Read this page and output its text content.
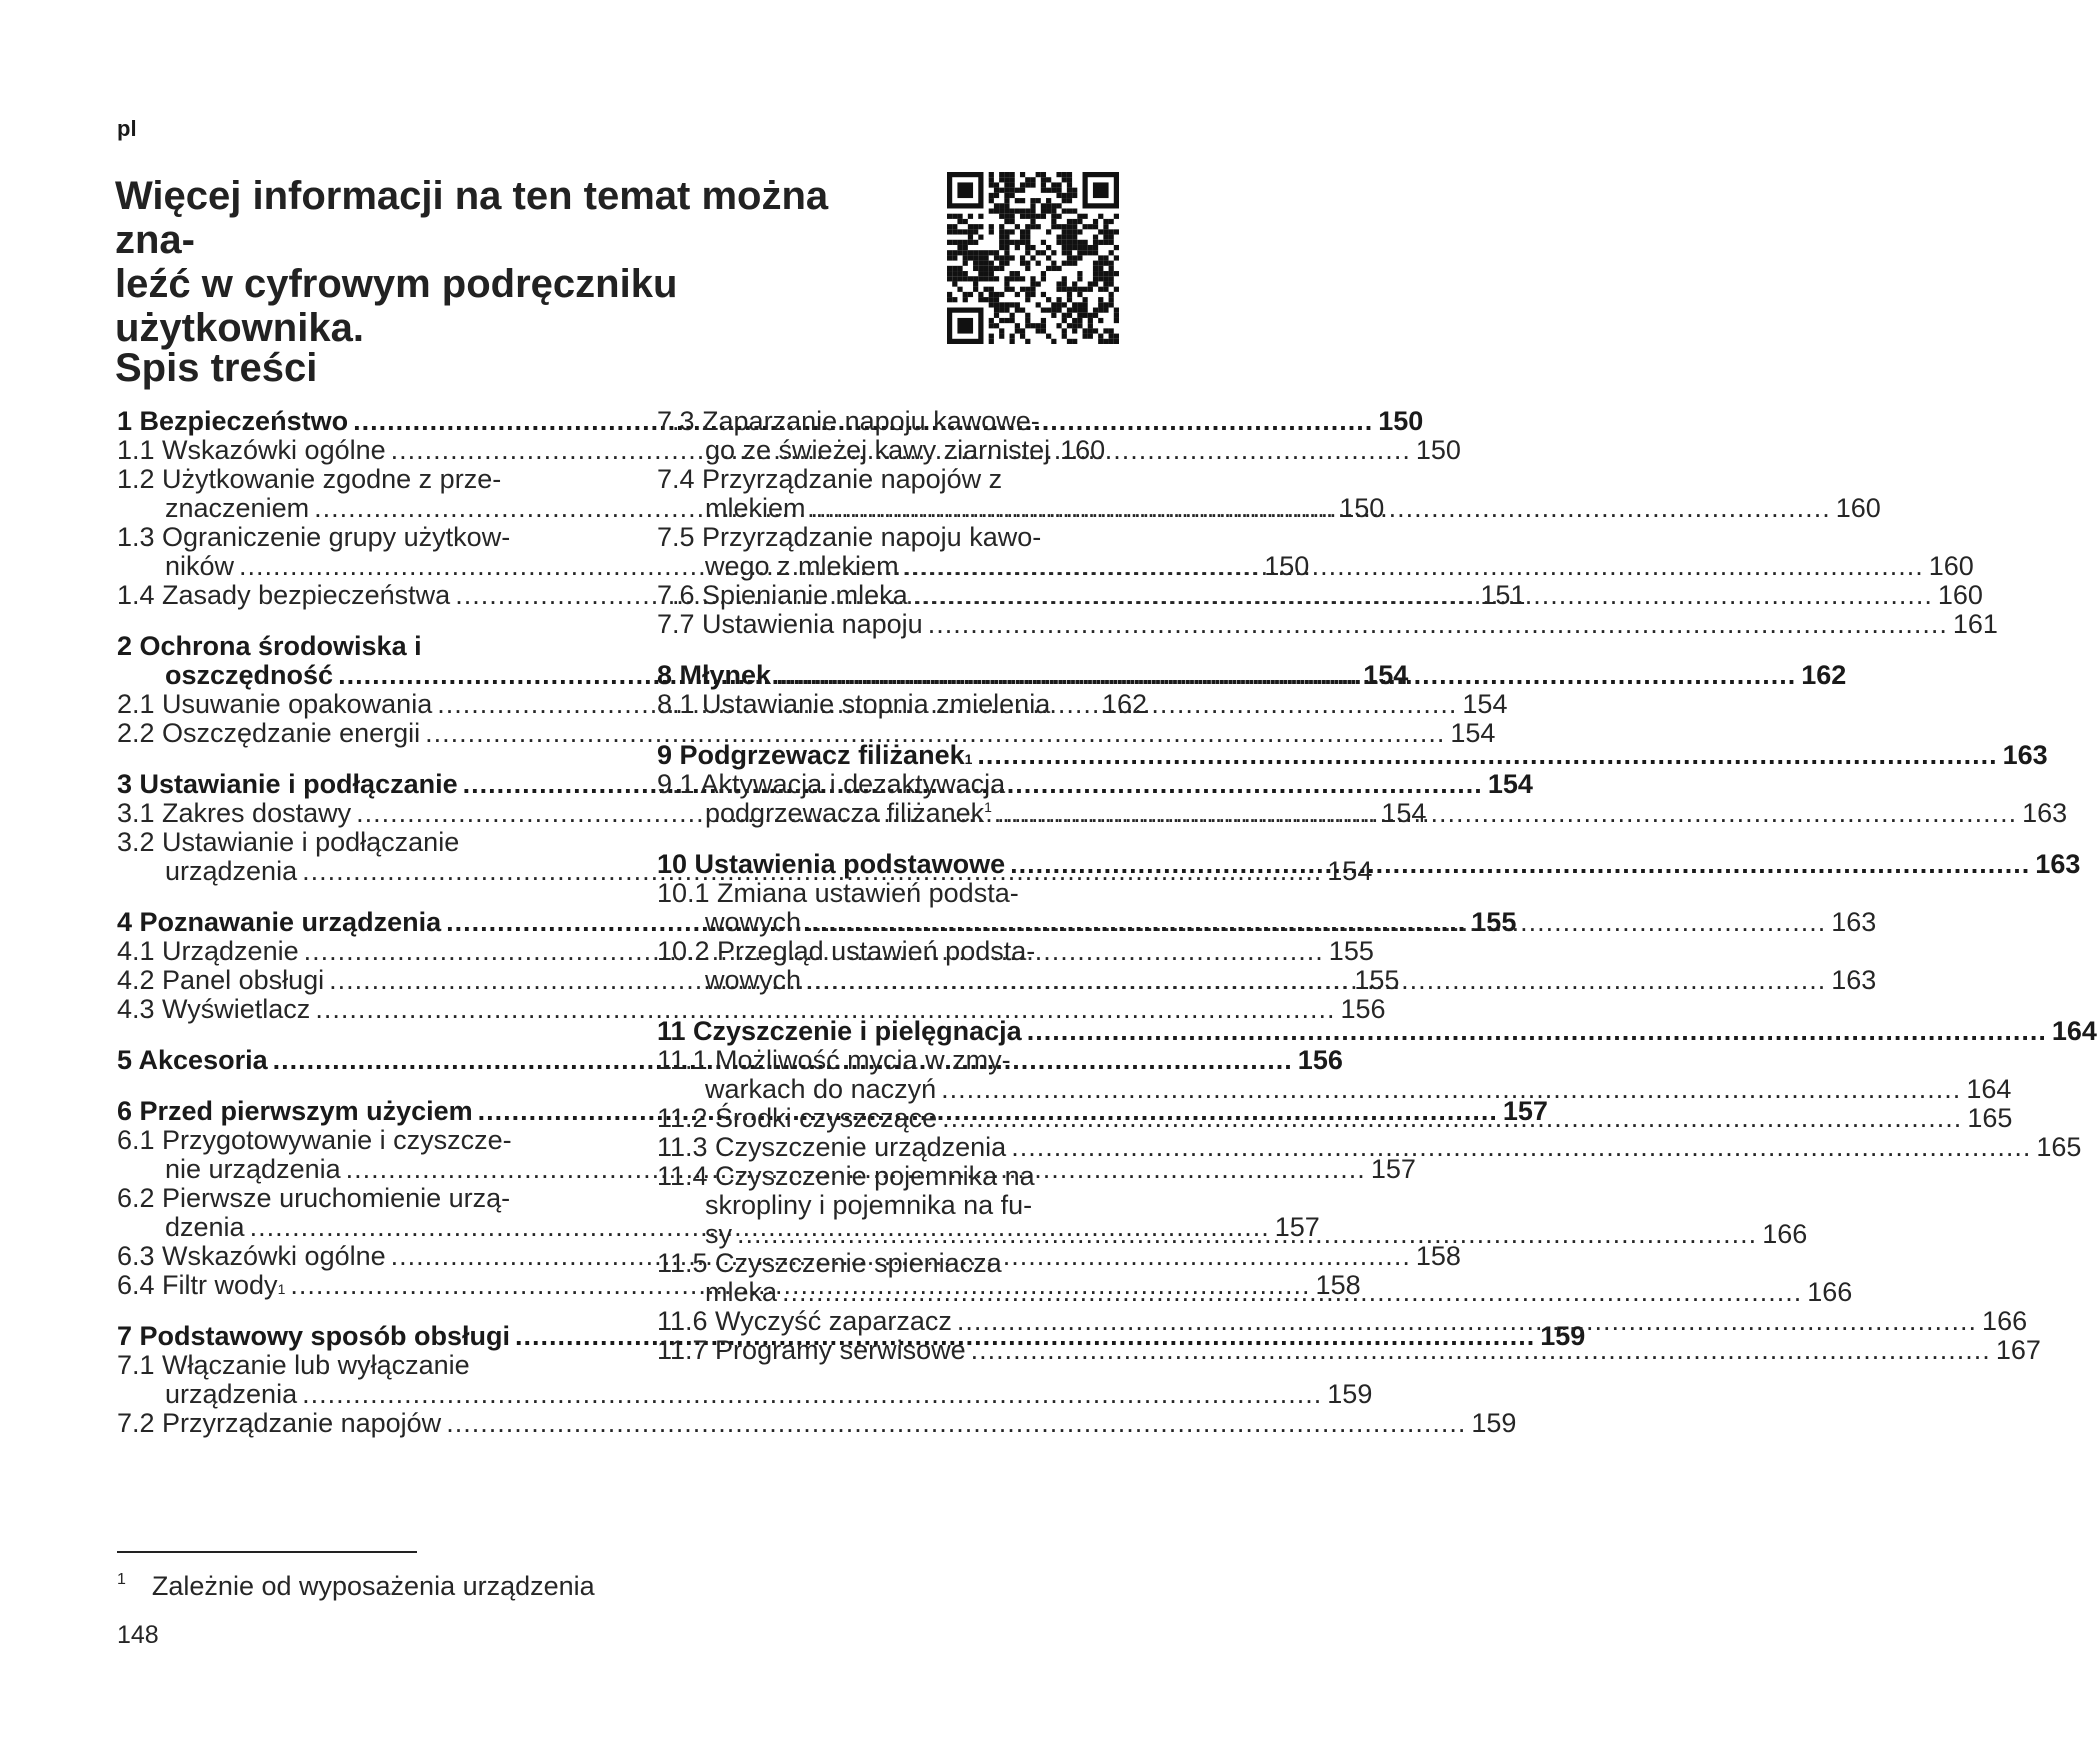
pl
Więcej informacji na ten temat można zna-
leźć w cyfrowym podręczniku użytkownika.
Spis treści
1 Bezpieczeństwo .....	150
1.1 Wskazówki ogólne .....	150
1.2 Użytkowanie zgodne z prze-
znaczeniem .....	150
1.3 Ograniczenie grupy użytkow-
ników .....	150
1.4 Zasady bezpieczeństwa .....	151
2 Ochrona środowiska i
oszczędność .....	154
2.1 Usuwanie opakowania .....	154
2.2 Oszczędzanie energii .....	154
3 Ustawianie i podłączanie .....	154
3.1 Zakres dostawy .....	154
3.2 Ustawianie i podłączanie
urządzenia .....	154
4 Poznawanie urządzenia .....	155
4.1 Urządzenie .....	155
4.2 Panel obsługi .....	155
4.3 Wyświetlacz .....	156
5 Akcesoria .....	156
6 Przed pierwszym użyciem .....	157
6.1 Przygotowywanie i czyszcze-
nie urządzenia .....	157
6.2 Pierwsze uruchomienie urzą-
dzenia .....	157
6.3 Wskazówki ogólne .....	158
6.4 Filtr wody 1 .....	158
7 Podstawowy sposób obsługi .....	159
7.1 Włączanie lub wyłączanie
urządzenia .....	159
7.2 Przyrządzanie napojów .....	159
7.3 Zaparzanie napoju kawowe-
go ze świeżej kawy ziarnistej 160
7.4 Przyrządzanie napojów z
mlekiem .....	160
7.5 Przyrządzanie napoju kawo-
wego z mlekiem .....	160
7.6 Spienianie mleka .....	160
7.7 Ustawienia napoju .....	161
8 Młynek .....	162
8.1 Ustawianie stopnia zmielenia 162
9 Podgrzewacz filiżanek 1 .....	163
9.1 Aktywacja i dezaktywacja
podgrzewacza filiżanek$^1$ .....	163
10 Ustawienia podstawowe .....	163
10.1 Zmiana ustawień podsta-
wowych .....	163
10.2 Przegląd ustawień podsta-
wowych .....	163
11 Czyszczenie i pielęgnacja .....	164
11.1 Możliwość mycia w zmy-
warkach do naczyń .....	164
11.2 Środki czyszczące .....	165
11.3 Czyszczenie urządzenia .....	165
11.4 Czyszczenie pojemnika na
skropliny i pojemnika na fu-
sy .....	166
11.5 Czyszczenie spieniacza
mleka .....	166
11.6 Wyczyść zaparzacz .....	166
11.7 Programy serwisowe .....	167
$^1$ Zależnie od wyposażenia urządzenia
148
